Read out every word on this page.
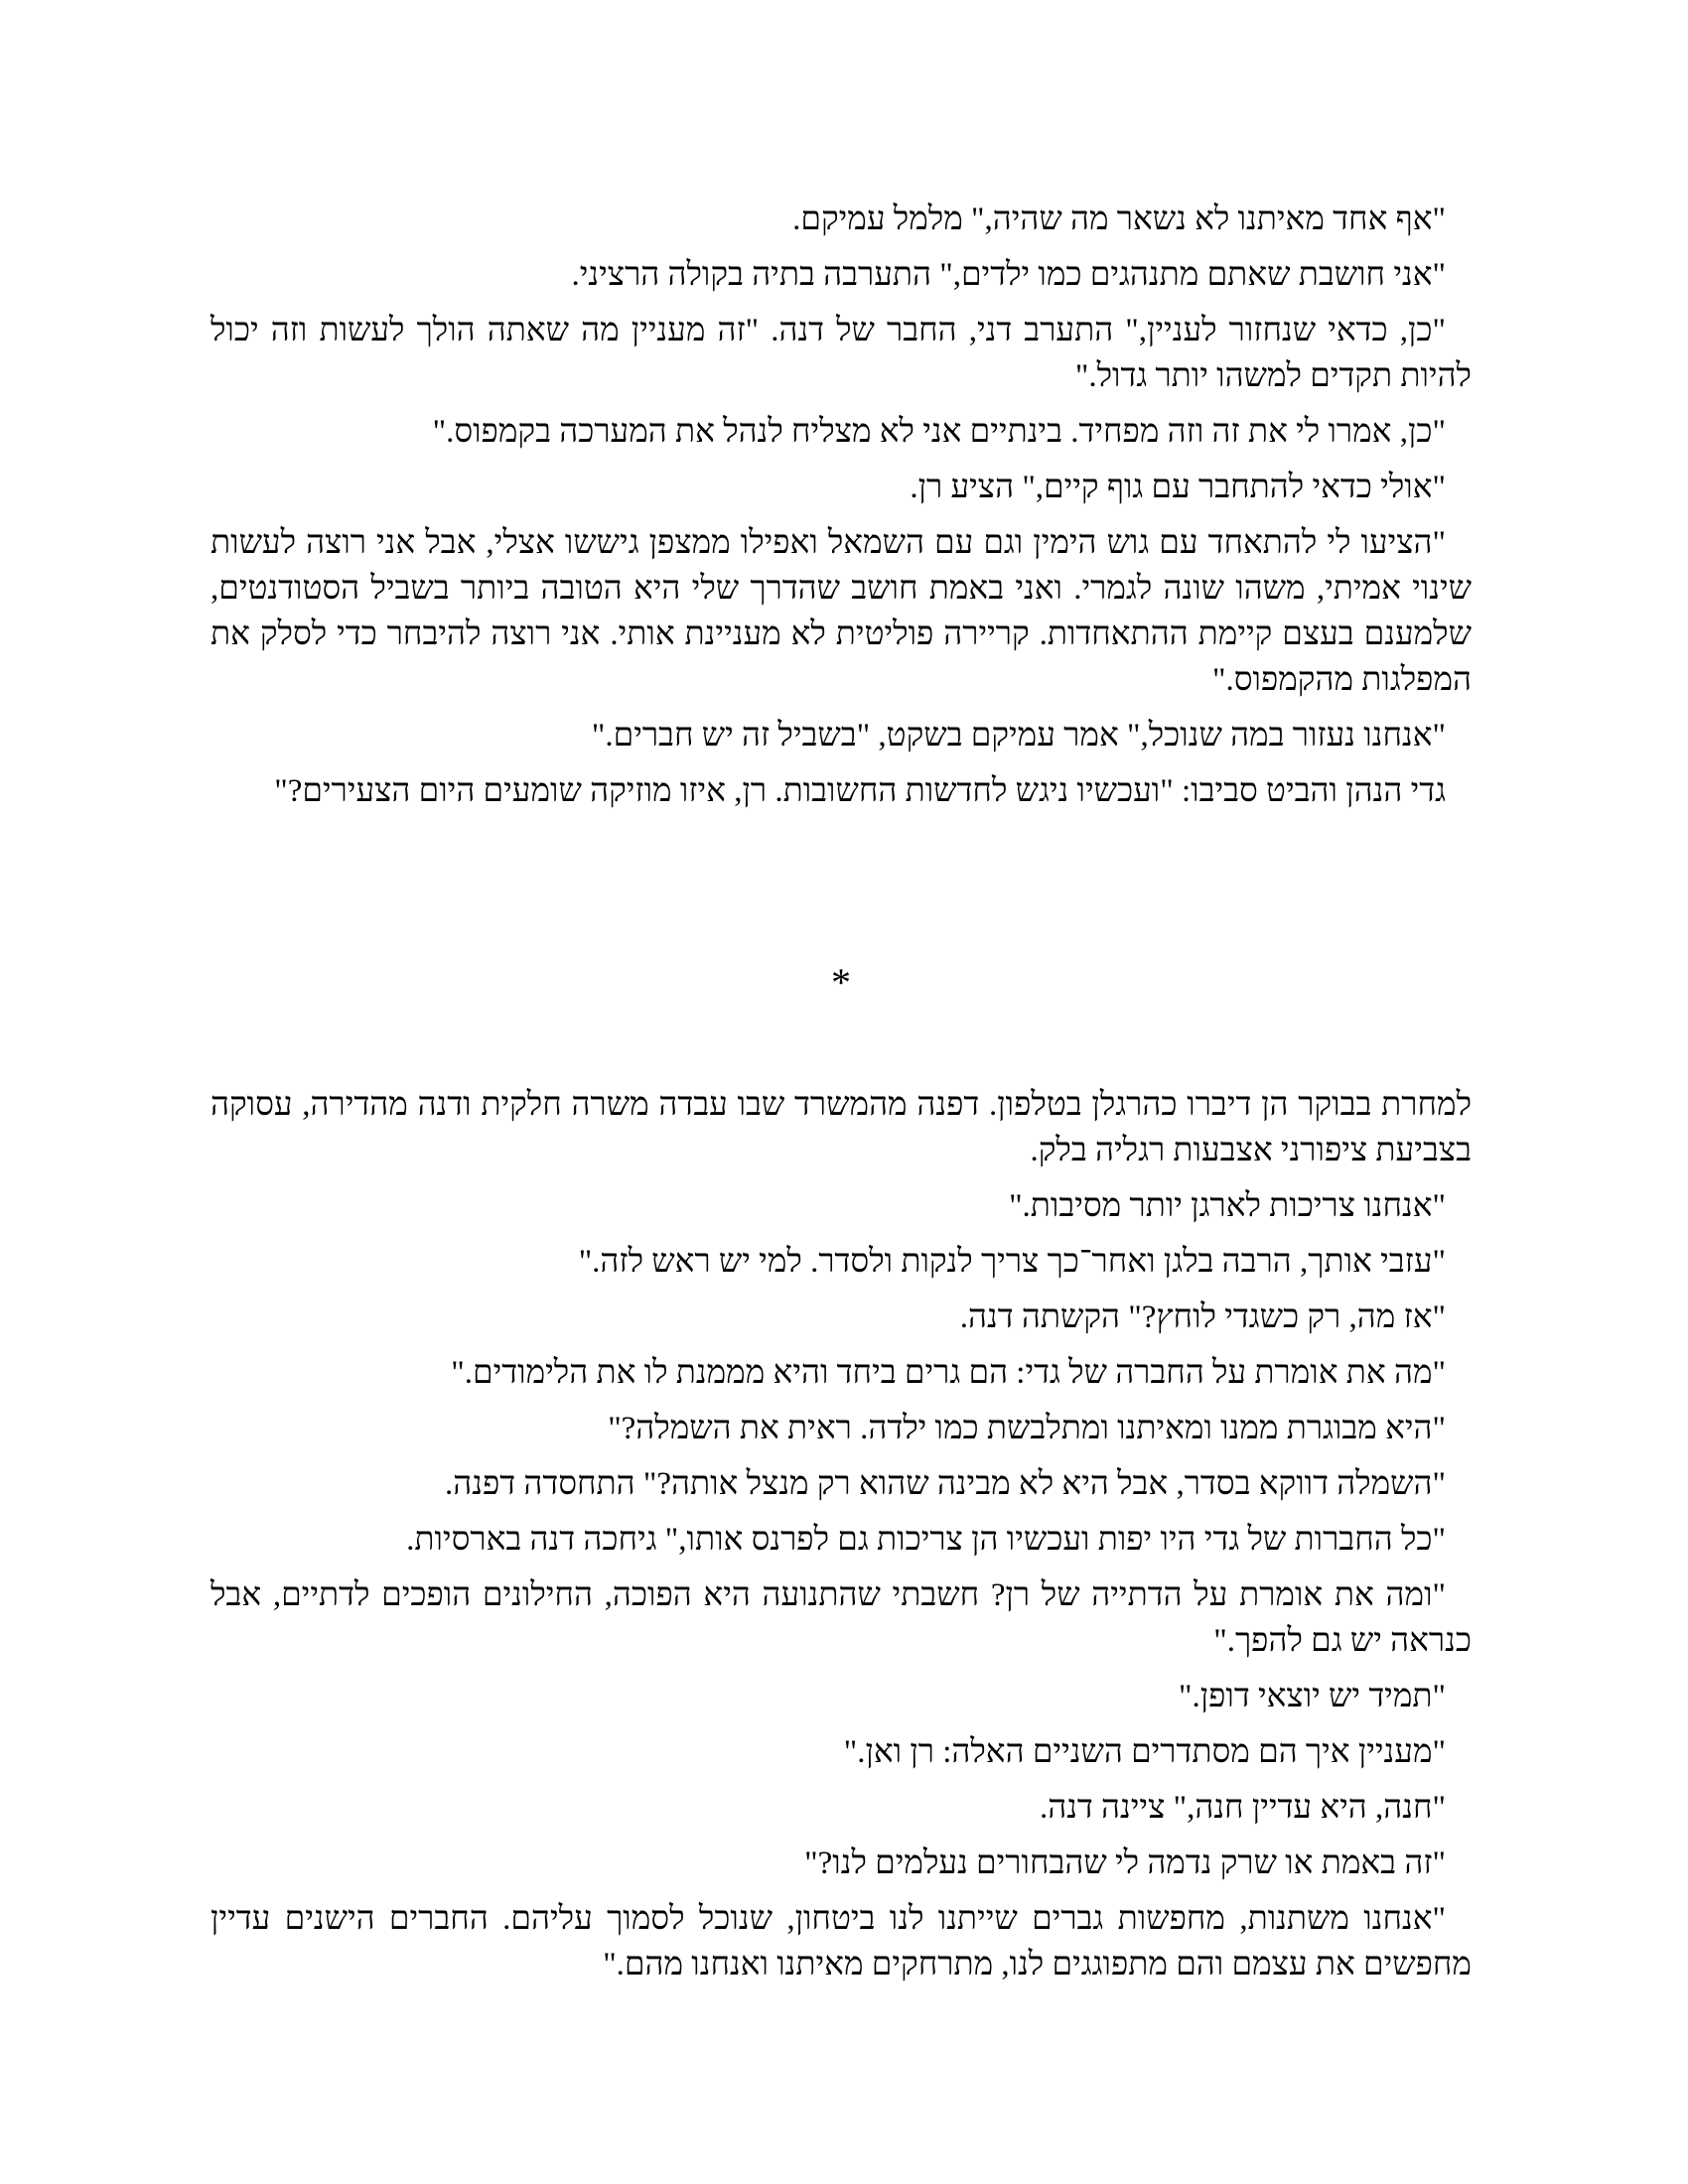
"אף אחד מאיתנו לא נשאר מה שהיה," מלמל עמיקם.

"אני חושבת שאתם מתנהגים כמו ילדים," התערבה בתיה בקולה הרציני.

"כן, כדאי שנחזור לעניין," התערב דני, החבר של דנה. "זה מעניין מה שאתה הולך לעשות וזה יכול להיות תקדים למשהו יותר גדול."

"כן, אמרו לי את זה וזה מפחיד. בינתיים אני לא מצליח לנהל את המערכה בקמפוס."

"אולי כדאי להתחבר עם גוף קיים," הציע רן.

"הציעו לי להתאחד עם גוש הימין וגם עם השמאל ואפילו ממצפן גיששו אצלי, אבל אני רוצה לעשות שינוי אמיתי, משהו שונה לגמרי. ואני באמת חושב שהדרך שלי היא הטובה ביותר בשביל הסטודנטים, שלמענם בעצם קיימת ההתאחדות. קריירה פוליטית לא מעניינת אותי. אני רוצה להיבחר כדי לסלק את המפלגות מהקמפוס."

"אנחנו נעזור במה שנוכל," אמר עמיקם בשקט, "בשביל זה יש חברים."

גדי הנהן והביט סביבו: "ועכשיו ניגש לחדשות החשובות. רן, איזו מוזיקה שומעים היום הצעירים?"

*

למחרת בבוקר הן דיברו כהרגלן בטלפון. דפנה מהמשרד שבו עבדה משרה חלקית ודנה מהדירה, עסוקה בצביעת ציפורני אצבעות רגליה בלק.

"אנחנו צריכות לארגן יותר מסיבות."

"עזבי אותך, הרבה בלגן ואחר־כך צריך לנקות ולסדר. למי יש ראש לזה."

"אז מה, רק כשגדי לוחץ?" הקשתה דנה.

"מה את אומרת על החברה של גדי: הם גרים ביחד והיא מממנת לו את הלימודים."

"היא מבוגרת ממנו ומאיתנו ומתלבשת כמו ילדה. ראית את השמלה?"

"השמלה דווקא בסדר, אבל היא לא מבינה שהוא רק מנצל אותה?" התחסדה דפנה.

"כל החברות של גדי היו יפות ועכשיו הן צריכות גם לפרנס אותו," גיחכה דנה בארסיות.

"ומה את אומרת על הדתייה של רן? חשבתי שהתנועה היא הפוכה, החילונים הופכים לדתיים, אבל כנראה יש גם להפך."

"תמיד יש יוצאי דופן."

"מעניין איך הם מסתדרים השניים האלה: רן ואן."

"חנה, היא עדיין חנה," ציינה דנה.

"זה באמת או שרק נדמה לי שהבחורים נעלמים לנו?"

"אנחנו משתנות, מחפשות גברים שייתנו לנו ביטחון, שנוכל לסמוך עליהם. החברים הישנים עדיין מחפשים את עצמם והם מתפוגגים לנו, מתרחקים מאיתנו ואנחנו מהם."
